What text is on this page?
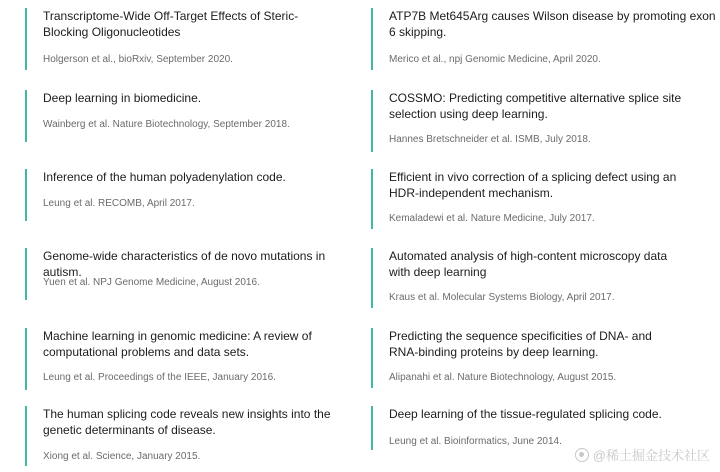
Transcriptome-Wide Off-Target Effects of Steric-Blocking Oligonucleotides

Holgerson et al., bioRxiv, September 2020.

Deep learning in biomedicine.

Wainberg et al. Nature Biotechnology, September 2018.

Inference of the human polyadenylation code.

Leung et al. RECOMB, April 2017.

Genome-wide characteristics of de novo mutations in autism.

Yuen et al. NPJ Genome Medicine, August 2016.

Machine learning in genomic medicine: A review of computational problems and data sets.

Leung et al. Proceedings of the IEEE, January 2016.

The human splicing code reveals new insights into the genetic determinants of disease.

Xiong et al. Science, January 2015.

ATP7B Met645Arg causes Wilson disease by promoting exon 6 skipping.

Merico et al., npj Genomic Medicine, April 2020.

COSSMO: Predicting competitive alternative splice site selection using deep learning.

Hannes Bretschneider et al. ISMB, July 2018.

Efficient in vivo correction of a splicing defect using an HDR-independent mechanism.

Kemaladewi et al. Nature Medicine, July 2017.

Automated analysis of high-content microscopy data with deep learning

Kraus et al. Molecular Systems Biology, April 2017.

Predicting the sequence specificities of DNA- and RNA-binding proteins by deep learning.

Alipanahi et al. Nature Biotechnology, August 2015.

Deep learning of the tissue-regulated splicing code.

Leung et al. Bioinformatics, June 2014.

@稀土掘金技术社区
